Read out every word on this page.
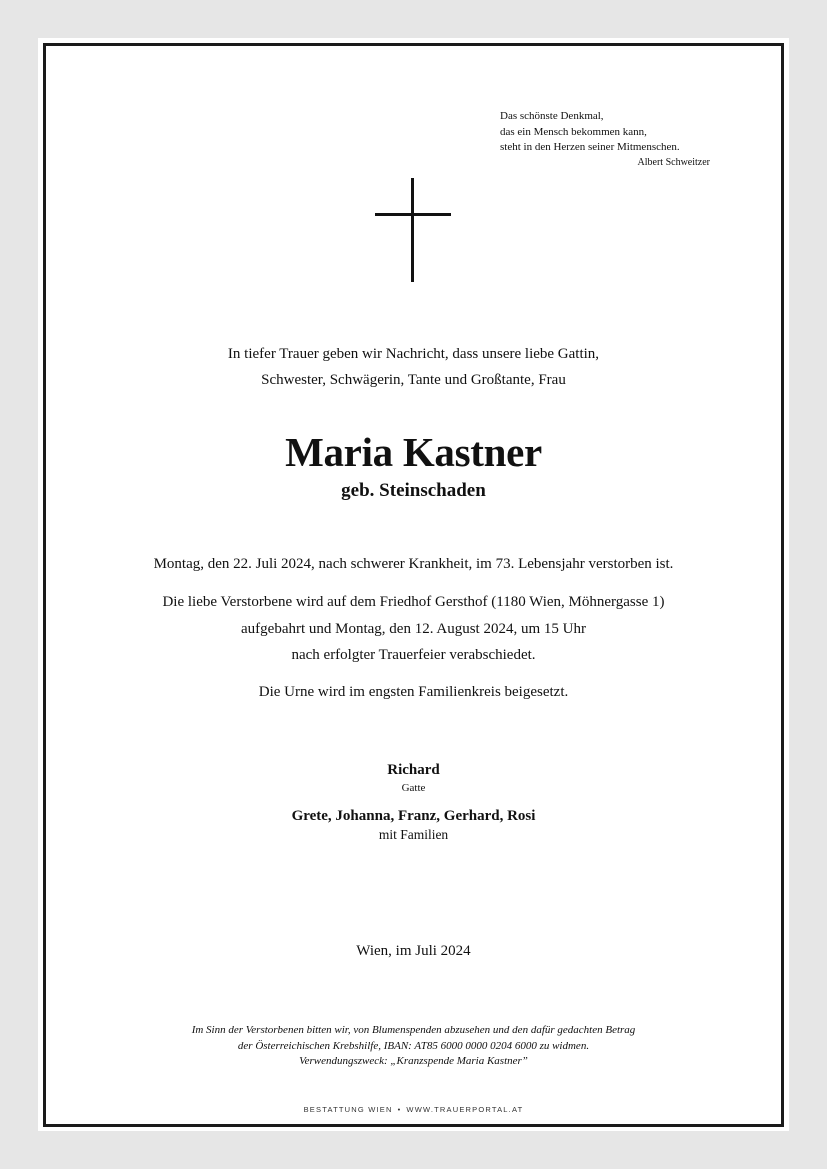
Das schönste Denkmal,
das ein Mensch bekommen kann,
steht in den Herzen seiner Mitmenschen.
Albert Schweitzer
In tiefer Trauer geben wir Nachricht, dass unsere liebe Gattin,
Schwester, Schwägerin, Tante und Großtante, Frau
Maria Kastner
geb. Steinschaden
Montag, den 22. Juli 2024, nach schwerer Krankheit, im 73. Lebensjahr verstorben ist.
Die liebe Verstorbene wird auf dem Friedhof Gersthof (1180 Wien, Möhnergasse 1)
aufgebahrt und Montag, den 12. August 2024, um 15 Uhr
nach erfolgter Trauerfeier verabschiedet.
Die Urne wird im engsten Familienkreis beigesetzt.
Richard
Gatte
Grete, Johanna, Franz, Gerhard, Rosi
mit Familien
Wien, im Juli 2024
Im Sinn der Verstorbenen bitten wir, von Blumenspenden abzusehen und den dafür gedachten Betrag
der Österreichischen Krebshilfe, IBAN: AT85 6000 0000 0204 6000 zu widmen.
Verwendungszweck: „Kranzspende Maria Kastner”
BESTATTUNG WIEN • WWW.TRAUERPORTAL.AT
